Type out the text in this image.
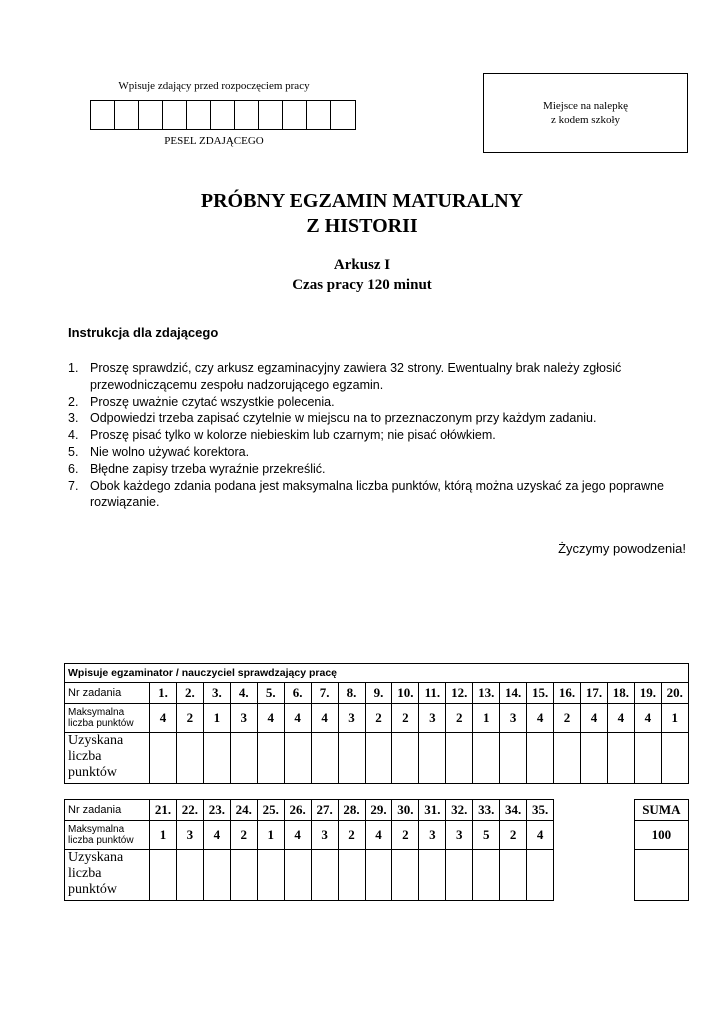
Wpisuje zdający przed rozpoczęciem pracy
PESEL ZDAJĄCEGO
Miejsce na nalepkę
z kodem szkoły
PRÓBNY EGZAMIN MATURALNY
Z HISTORII
Arkusz I
Czas pracy 120 minut
Instrukcja dla zdającego
1. Proszę sprawdzić, czy arkusz egzaminacyjny zawiera 32 strony. Ewentualny brak należy zgłosić przewodniczącemu zespołu nadzorującego egzamin.
2. Proszę uważnie czytać wszystkie polecenia.
3. Odpowiedzi trzeba zapisać czytelnie w miejscu na to przeznaczonym przy każdym zadaniu.
4. Proszę pisać tylko w kolorze niebieskim lub czarnym; nie pisać ołówkiem.
5. Nie wolno używać korektora.
6. Błędne zapisy trzeba wyraźnie przekreślić.
7. Obok każdego zdania podana jest maksymalna liczba punktów, którą można uzyskać za jego poprawne rozwiązanie.
Życzymy powodzenia!
Wpisuje egzaminator / nauczyciel sprawdzający pracę																				
Nr zadania	1.	2.	3.	4.	5.	6.	7.	8.	9.	10.	11.	12.	13.	14.	15.	16.	17.	18.	19.	20.
Maksymalna liczba punktów	4	2	1	3	4	4	4	3	2	2	3	2	1	3	4	2	4	4	4	1
Uzyskana liczba punktów																				
Nr zadania	21.	22.	23.	24.	25.	26.	27.	28.	29.	30.	31.	32.	33.	34.	35.		SUMA
Maksymalna liczba punktów	1	3	4	2	1	4	3	2	4	2	3	3	5	2	4		100
Uzyskana liczba punktów																	
